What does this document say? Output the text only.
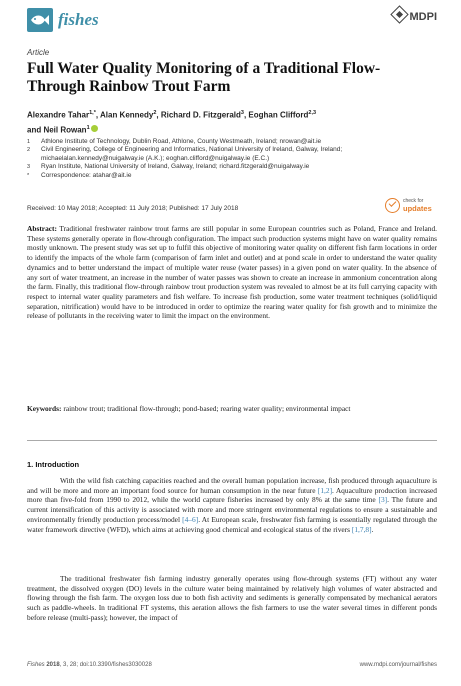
fishes	MDPI
Article
Full Water Quality Monitoring of a Traditional Flow-Through Rainbow Trout Farm
Alexandre Tahar$^{1,*}$, Alan Kennedy$^2$, Richard D. Fitzgerald$^3$, Eoghan Clifford$^{2,3}$
and Neil Rowan$^1$
1 Athlone Institute of Technology, Dublin Road, Athlone, County Westmeath, Ireland; nrowan@ait.ie
2 Civil Engineering, College of Engineering and Informatics, National University of Ireland, Galway, Ireland; michaelalan.kennedy@nuigalway.ie (A.K.); eoghan.clifford@nuigalway.ie (E.C.)
3 Ryan Institute, National University of Ireland, Galway, Ireland; richard.fitzgerald@nuigalway.ie
* Correspondence: atahar@ait.ie
Received: 10 May 2018; Accepted: 11 July 2018; Published: 17 July 2018
check for
updates
Abstract: Traditional freshwater rainbow trout farms are still popular in some European countries such as Poland, France and Ireland. These systems generally operate in flow-through configuration. The impact such production systems might have on water quality remains mostly unknown. The present study was set up to fulfil this objective of monitoring water quality on different fish farm locations in order to identify the impacts of the whole farm (comparison of farm inlet and outlet) and at pond scale in order to understand the water quality dynamics and to better understand the impact of multiple water reuse (water passes) in a given pond on water quality. In the absence of any sort of water treatment, an increase in the number of water passes was shown to create an increase in ammonium concentration along the farm. Finally, this traditional flow-through rainbow trout production system was revealed to almost be at its full carrying capacity with respect to internal water quality parameters and fish welfare. To increase fish production, some water treatment techniques (solid/liquid separation, nitrification) would have to be introduced in order to optimize the rearing water quality for fish growth and to minimize the release of pollutants in the receiving water to limit the impact on the environment.
Keywords: rainbow trout; traditional flow-through; pond-based; rearing water quality; environmental impact
1. Introduction
With the wild fish catching capacities reached and the overall human population increase, fish produced through aquaculture is and will be more and more an important food source for human consumption in the near future [1,2]. Aquaculture production increased more than five-fold from 1990 to 2012, while the world capture fisheries increased by only 8% at the same time [3]. The future and current intensification of this activity is associated with more and more stringent environmental regulations to ensure a sustainable and environmentally friendly production process/model [4–6]. At European scale, freshwater fish farming is essentially regulated through the water framework directive (WFD), which aims at achieving good chemical and ecological status of the rivers [1,7,8].
The traditional freshwater fish farming industry generally operates using flow-through systems (FT) without any water treatment, the dissolved oxygen (DO) levels in the culture water being maintained by relatively high volumes of water abstracted and flowing through the fish farm. The oxygen loss due to both fish activity and sediments is generally compensated by mechanical aerators such as paddle-wheels. In traditional FT systems, this aeration allows the fish farmers to use the water several times in different ponds before release (multi-pass); however, the impact of
Fishes 2018, 3, 28; doi:10.3390/fishes3030028	www.mdpi.com/journal/fishes
